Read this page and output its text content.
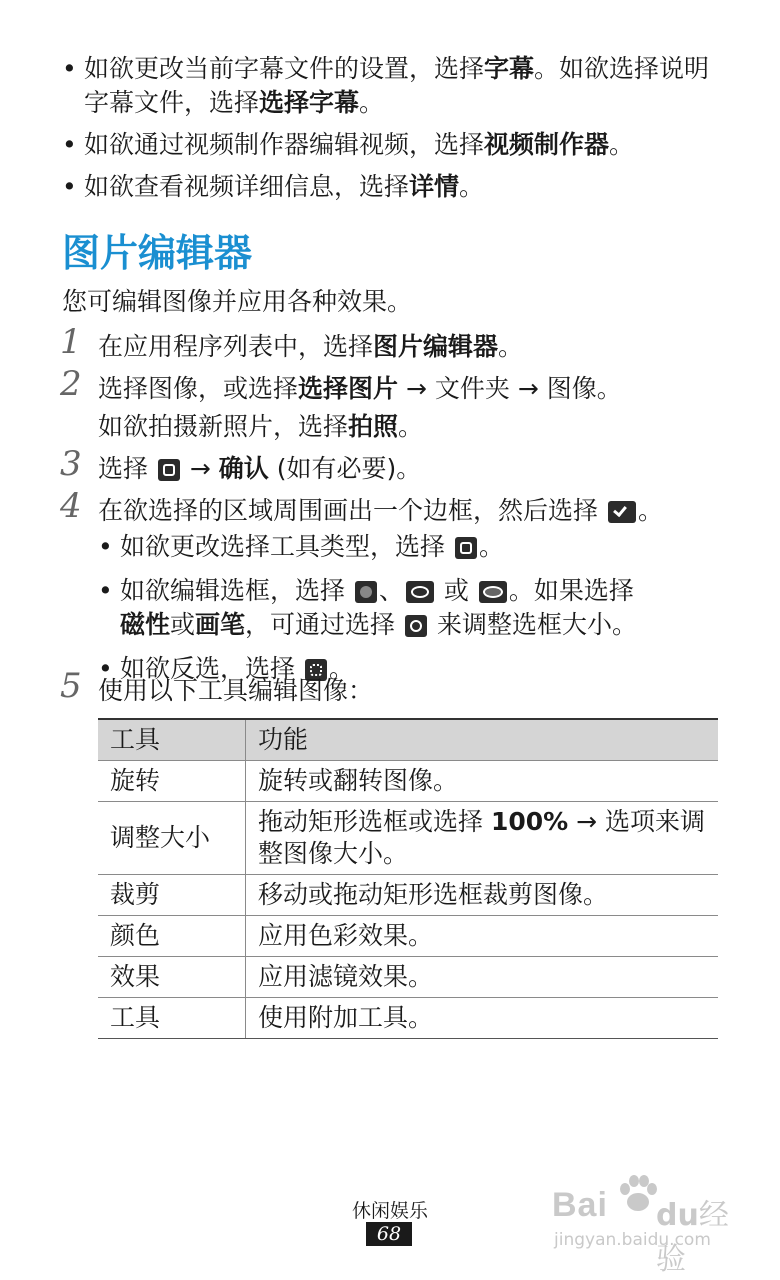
• 如欲更改当前字幕文件的设置，选择字幕。如欲选择说明字幕文件，选择选择字幕。
• 如欲通过视频制作器编辑视频，选择视频制作器。
• 如欲查看视频详细信息，选择详情。
图片编辑器
您可编辑图像并应用各种效果。
1 在应用程序列表中，选择图片编辑器。
2 选择图像，或选择选择图片 → 文件夹 → 图像。
如欲拍摄新照片，选择拍照。
3 选择  → 确认 (如有必要)。
4 在欲选择的区域周围画出一个边框，然后选择 。
• 如欲更改选择工具类型，选择 。
• 如欲编辑选框，选择 、 或 。如果选择
磁性或画笔，可通过选择  来调整选框大小。
• 如欲反选，选择 。
5 使用以下工具编辑图像：
工具	功能
旋转	旋转或翻转图像。
调整大小	拖动矩形选框或选择 100% → 选项来调整图像大小。
裁剪	移动或拖动矩形选框裁剪图像。
颜色	应用色彩效果。
效果	应用滤镜效果。
工具	使用附加工具。
休闲娱乐
68
Bai du经验
jingyan.baidu.com
